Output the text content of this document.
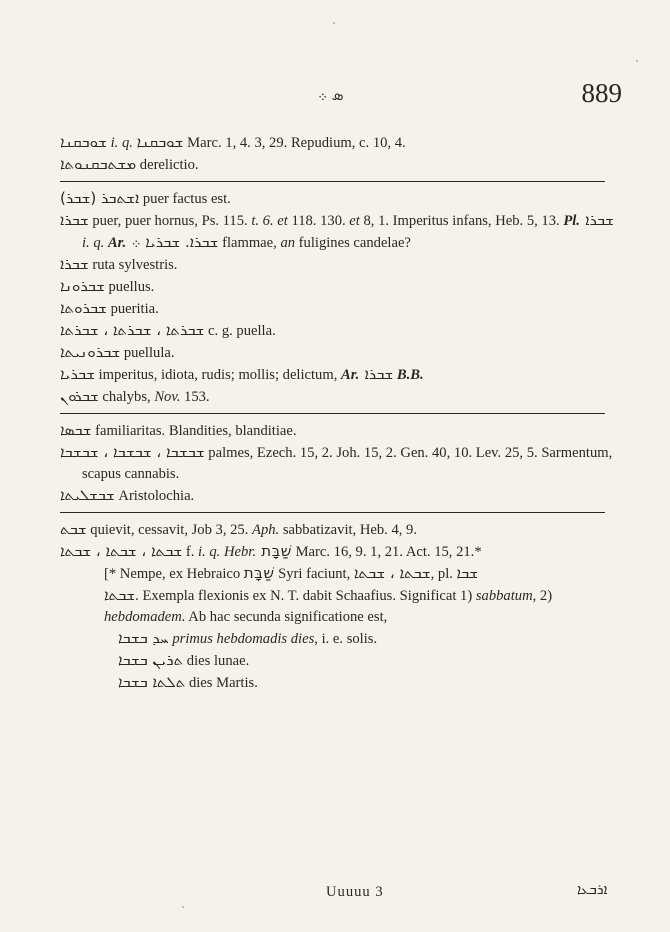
ܣ ܀	889
ܫܘܒܩܢܐ i. q. ܫܘܒܩܢܐ Marc. 1, 4. 3, 29. Repudium, c. 10, 4.
ܡܫܬܒܩܢܘܬܐ derelictio.
(ܫܒܪ) ܐܫܬܒܪ puer factus est.
ܫܒܪܐ puer, puer hornus, Ps. 115. t. 6. et 118. 130. et 8, 1. Imperitus infans, Heb. 5, 13. Pl. ܫܒܪܐ i. q. Ar. ܫܒܪܐ. ܫܒܪܝܐ ܀ flammae, an fuligines candelae?
ܫܒܪܐ ruta sylvestris.
ܫܒܪܘܢܐ puellus.
ܫܒܪܘܬܐ pueritia.
ܫܒܪܬܐ ، ܫܒܪܬܐ ، ܫܒܪܬܐ c. g. puella.
ܫܒܪܘܢܝܬܐ puellula.
ܫܒܪܝܐ imperitus, idiota, rudis; mollis; delictum, Ar. ܫܒܪܐ B.B.
ܫܒܪܘܢ chalybs, Nov. 153.
ܫܒܣܐ familiaritas. Blandities, blanditiae.
ܫܒܫܒܐ ، ܫܒܫܒܐ ، ܫܒܫܒܐ palmes, Ezech. 15, 2. Joh. 15, 2. Gen. 40, 10. Lev. 25, 5. Sarmentum, scapus cannabis.
ܫܒܫܠܝܬܐ Aristolochia.
ܫܒܬ quievit, cessavit, Job 3, 25. Aph. sabbatizavit, Heb. 4, 9.
ܫܒܬܐ ، ܫܒܬܐ ، ܫܒܬܐ f. i. q. Hebr. שַׁבָּת Marc. 16, 9. 1, 21. Act. 15, 21.*
[* Nempe, ex Hebraico שַׁבָּת Syri faciunt, ܫܒܬܐ ، ܫܒܬܐ, pl. ܫܒܐ
ܫܒܬܐ. Exempla flexionis ex N. T. dabit Schaafius. Significat 1) sabbatum, 2) hebdomadem. Ab hac secunda significatione est,
ܚܕ ܒܫܒܐ primus hebdomadis dies, i. e. solis.
ܬܪܝܢ ܒܫܒܐ dies lunae.
ܬܠܬܐ ܒܫܒܐ dies Martis.
Uuuuu 3	ܐܪܒܥܐ
